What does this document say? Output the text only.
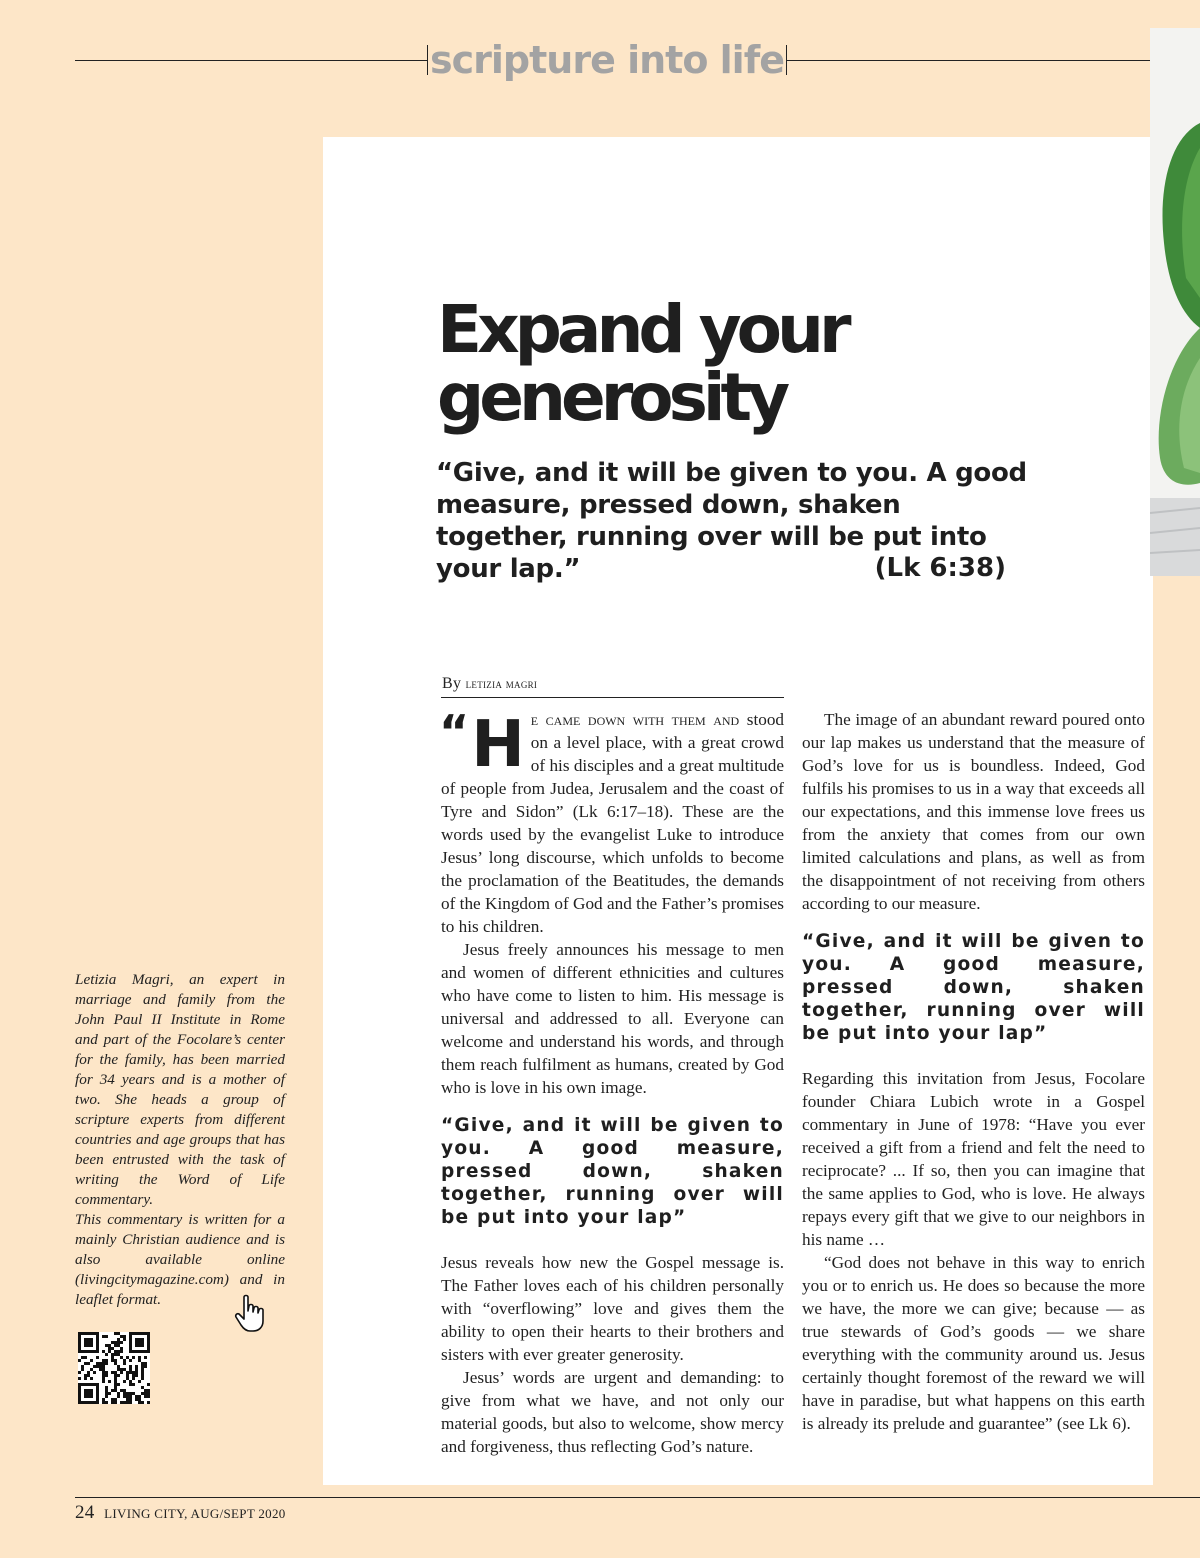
scripture into life
Expand your
generosity
“Give, and it will be given to you. A good measure, pressed down, shaken together, running over will be put into your lap.”	(Lk 6:38)
By letizia magri

“ H e came down with them and stood on a level place, with a great crowd of his disciples and a great multitude of people from Judea, Jerusalem and the coast of Tyre and Sidon” (Lk 6:17–18). These are the words used by the evangelist Luke to introduce Jesus’ long discourse, which unfolds to become the proclamation of the Beatitudes, the demands of the Kingdom of God and the Father’s promises to his children.

Jesus freely announces his message to men and women of different ethnicities and cultures who have come to listen to him. His message is universal and addressed to all. Everyone can welcome and understand his words, and through them reach fulfilment as humans, created by God who is love in his own image.

“Give, and it will be given to you. A good measure, pressed down, shaken together, running over will be put into your lap”

Jesus reveals how new the Gospel message is. The Father loves each of his children personally with “overflowing” love and gives them the ability to open their hearts to their brothers and sisters with ever greater generosity.

Jesus’ words are urgent and demanding: to give from what we have, and not only our material goods, but also to welcome, show mercy and forgiveness, thus reflecting God’s nature.

The image of an abundant reward poured onto our lap makes us understand that the measure of God’s love for us is boundless. Indeed, God fulfils his promises to us in a way that exceeds all our expectations, and this immense love frees us from the anxiety that comes from our own limited calculations and plans, as well as from the disappointment of not receiving from others according to our measure.

“Give, and it will be given to you. A good measure, pressed down, shaken together, running over will be put into your lap”

Regarding this invitation from Jesus, Focolare founder Chiara Lubich wrote in a Gospel commentary in June of 1978: “Have you ever received a gift from a friend and felt the need to reciprocate? ... If so, then you can imagine that the same applies to God, who is love. He always repays every gift that we give to our neighbors in his name …

“God does not behave in this way to enrich you or to enrich us. He does so because the more we have, the more we can give; because — as true stewards of God’s goods — we share everything with the community around us. Jesus certainly thought foremost of the reward we will have in paradise, but what happens on this earth is already its prelude and guarantee” (see Lk 6).

Letizia Magri, an expert in marriage and family from the John Paul II Institute in Rome and part of the Focolare’s center for the family, has been married for 34 years and is a mother of two. She heads a group of scripture experts from different countries and age groups that has been entrusted with the task of writing the Word of Life commentary.

This commentary is written for a mainly Christian audience and is also available online (livingcitymagazine.com) and in leaflet format.

24 LIVING CITY, AUG/SEPT 2020
